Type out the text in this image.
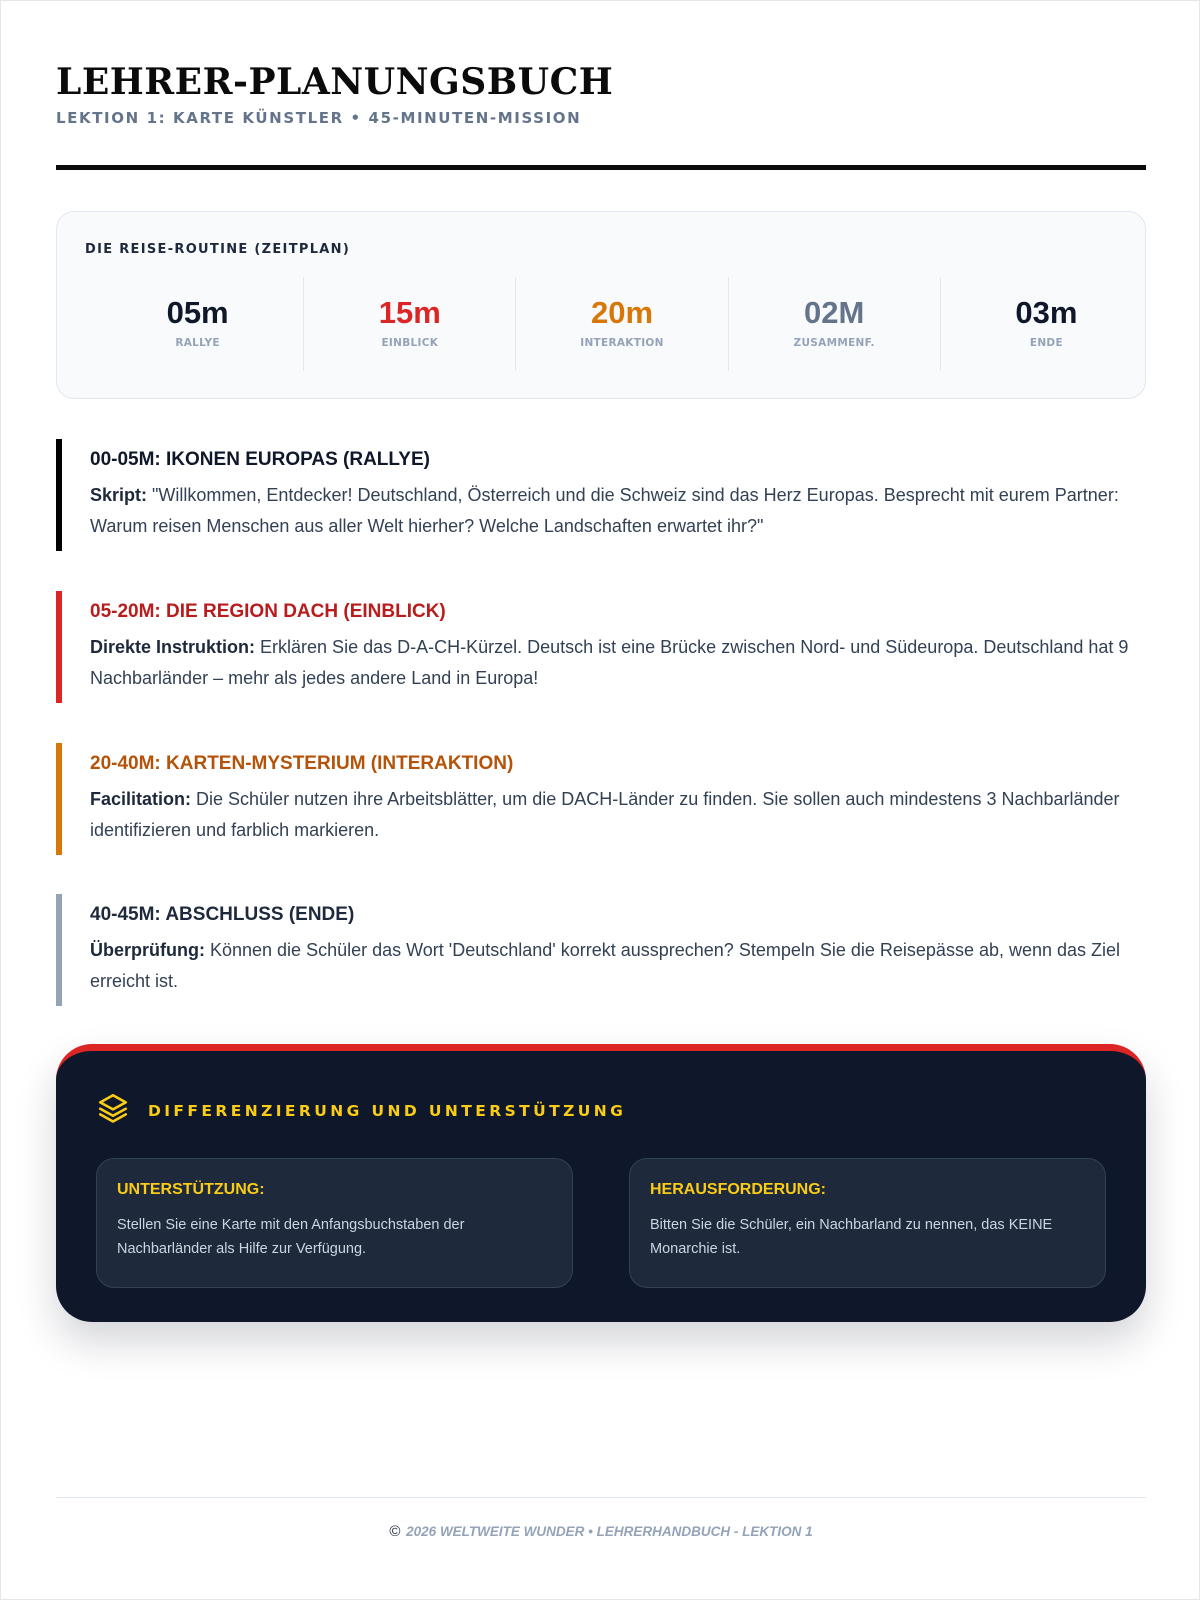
LEHRER-PLANUNGSBUCH
LEKTION 1: KARTE KÜNSTLER • 45-MINUTEN-MISSION
DIE REISE-ROUTINE (ZEITPLAN)
05m
RALLYE
15m
EINBLICK
20m
INTERAKTION
02M
ZUSAMMENF.
03m
ENDE
00-05M: IKONEN EUROPAS (RALLYE)
Skript: "Willkommen, Entdecker! Deutschland, Österreich und die Schweiz sind das Herz Europas. Besprecht mit eurem Partner: Warum reisen Menschen aus aller Welt hierher? Welche Landschaften erwartet ihr?"
05-20M: DIE REGION DACH (EINBLICK)
Direkte Instruktion: Erklären Sie das D-A-CH-Kürzel. Deutsch ist eine Brücke zwischen Nord- und Südeuropa. Deutschland hat 9 Nachbarländer – mehr als jedes andere Land in Europa!
20-40M: KARTEN-MYSTERIUM (INTERAKTION)
Facilitation: Die Schüler nutzen ihre Arbeitsblätter, um die DACH-Länder zu finden. Sie sollen auch mindestens 3 Nachbarländer identifizieren und farblich markieren.
40-45M: ABSCHLUSS (ENDE)
Überprüfung: Können die Schüler das Wort 'Deutschland' korrekt aussprechen? Stempeln Sie die Reisepässe ab, wenn das Ziel erreicht ist.
DIFFERENZIERUNG UND UNTERSTÜTZUNG
UNTERSTÜTZUNG:
Stellen Sie eine Karte mit den Anfangsbuchstaben der Nachbarländer als Hilfe zur Verfügung.
HERAUSFORDERUNG:
Bitten Sie die Schüler, ein Nachbarland zu nennen, das KEINE Monarchie ist.
© 2026 WELTWEITE WUNDER • LEHRERHANDBUCH - LEKTION 1
